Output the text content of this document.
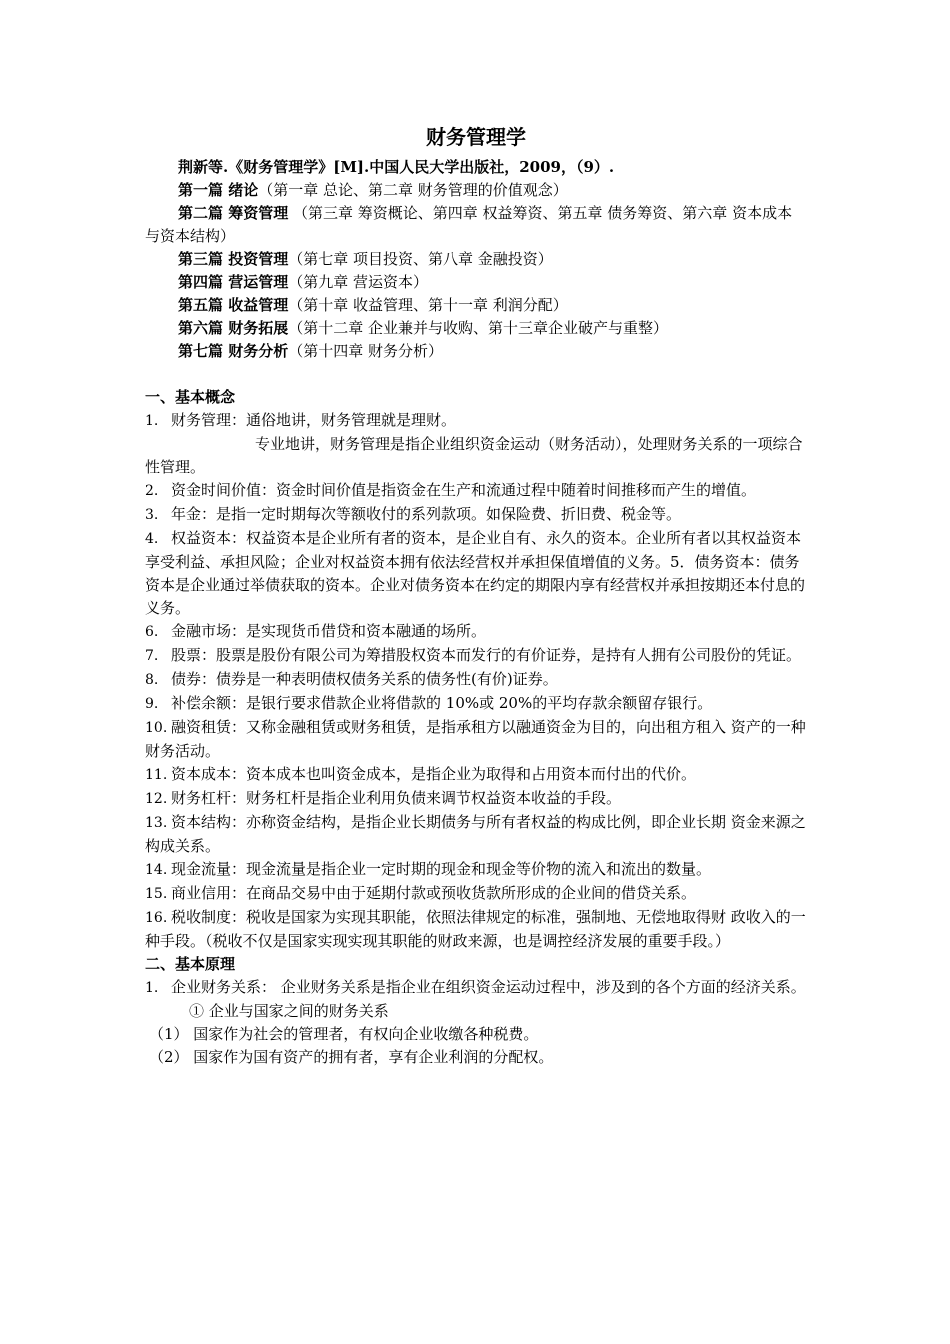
财务管理学

荆新等.《财务管理学》[M].中国人民大学出版社，2009，（9）.

第一篇 绪论（第一章 总论、第二章 财务管理的价值观念）

第二篇 筹资管理 （第三章 筹资概论、第四章 权益筹资、第五章 债务筹资、第六章 资本成本与资本结构）

第三篇 投资管理（第七章 项目投资、第八章 金融投资）

第四篇 营运管理（第九章 营运资本）

第五篇 收益管理（第十章 收益管理、第十一章 利润分配）

第六篇 财务拓展（第十二章 企业兼并与收购、第十三章企业破产与重整）

第七篇 财务分析（第十四章 财务分析）

一、基本概念

1. 财务管理：通俗地讲，财务管理就是理财。

专业地讲，财务管理是指企业组织资金运动（财务活动），处理财务关系的一项综合性管理。

2. 资金时间价值：资金时间价值是指资金在生产和流通过程中随着时间推移而产生的增值。

3. 年金：是指一定时期每次等额收付的系列款项。如保险费、折旧费、税金等。

4. 权益资本：权益资本是企业所有者的资本，是企业自有、永久的资本。企业所有者以其权益资本享受利益、承担风险；企业对权益资本拥有依法经营权并承担保值增值的义务。5．债务资本：债务资本是企业通过举债获取的资本。企业对债务资本在约定的期限内享有经营权并承担按期还本付息的义务。

6. 金融市场：是实现货币借贷和资本融通的场所。

7. 股票：股票是股份有限公司为筹措股权资本而发行的有价证券，是持有人拥有公司股份的凭证。

8. 债券：债券是一种表明债权债务关系的债务性(有价)证券。

9. 补偿余额：是银行要求借款企业将借款的 10%或 20%的平均存款余额留存银行。

10. 融资租赁：又称金融租赁或财务租赁，是指承租方以融通资金为目的，向出租方租入 资产的一种财务活动。

11. 资本成本：资本成本也叫资金成本，是指企业为取得和占用资本而付出的代价。

12. 财务杠杆：财务杠杆是指企业利用负债来调节权益资本收益的手段。

13. 资本结构：亦称资金结构，是指企业长期债务与所有者权益的构成比例，即企业长期 资金来源之构成关系。

14. 现金流量：现金流量是指企业一定时期的现金和现金等价物的流入和流出的数量。

15. 商业信用：在商品交易中由于延期付款或预收货款所形成的企业间的借贷关系。

16. 税收制度：税收是国家为实现其职能，依照法律规定的标准，强制地、无偿地取得财 政收入的一种手段。（税收不仅是国家实现实现其职能的财政来源，也是调控经济发展的重要手段。）

二、基本原理

1. 企业财务关系： 企业财务关系是指企业在组织资金运动过程中，涉及到的各个方面的经济关系。

① 企业与国家之间的财务关系

（1） 国家作为社会的管理者，有权向企业收缴各种税费。

（2） 国家作为国有资产的拥有者，享有企业利润的分配权。
